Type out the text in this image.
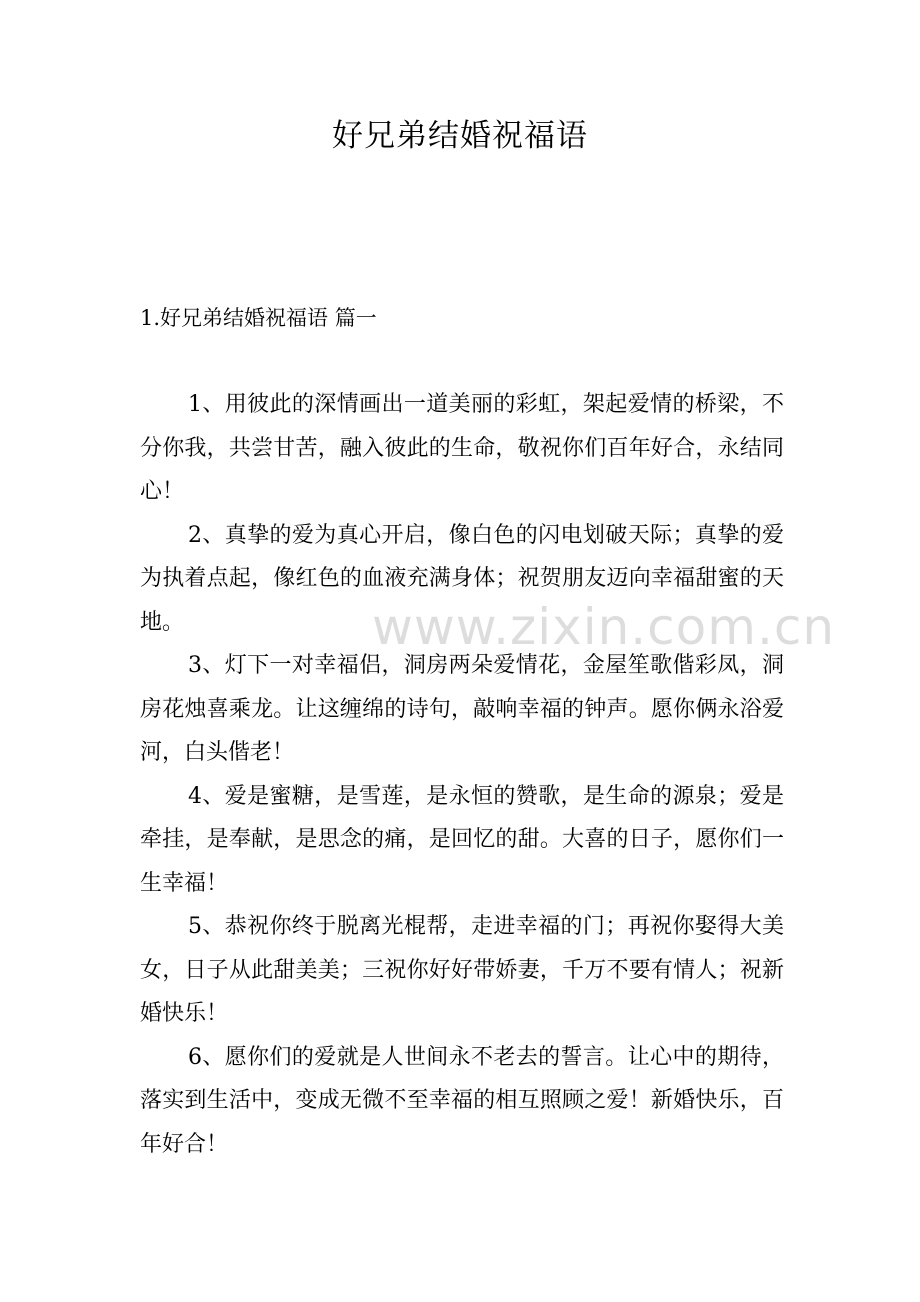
好兄弟结婚祝福语
1.好兄弟结婚祝福语 篇一

1、用彼此的深情画出一道美丽的彩虹，架起爱情的桥梁，不分你我，共尝甘苦，融入彼此的生命，敬祝你们百年好合，永结同心！

2、真挚的爱为真心开启，像白色的闪电划破天际；真挚的爱为执着点起，像红色的血液充满身体；祝贺朋友迈向幸福甜蜜的天地。

3、灯下一对幸福侣，洞房两朵爱情花，金屋笙歌偕彩凤，洞房花烛喜乘龙。让这缠绵的诗句，敲响幸福的钟声。愿你俩永浴爱河，白头偕老！

4、爱是蜜糖，是雪莲，是永恒的赞歌，是生命的源泉；爱是牵挂，是奉献，是思念的痛，是回忆的甜。大喜的日子，愿你们一生幸福！

5、恭祝你终于脱离光棍帮，走进幸福的门；再祝你娶得大美女，日子从此甜美美；三祝你好好带娇妻，千万不要有情人；祝新婚快乐！

6、愿你们的爱就是人世间永不老去的誓言。让心中的期待，落实到生活中，变成无微不至幸福的相互照顾之爱！新婚快乐，百年好合！

www.zixin.com.cn
